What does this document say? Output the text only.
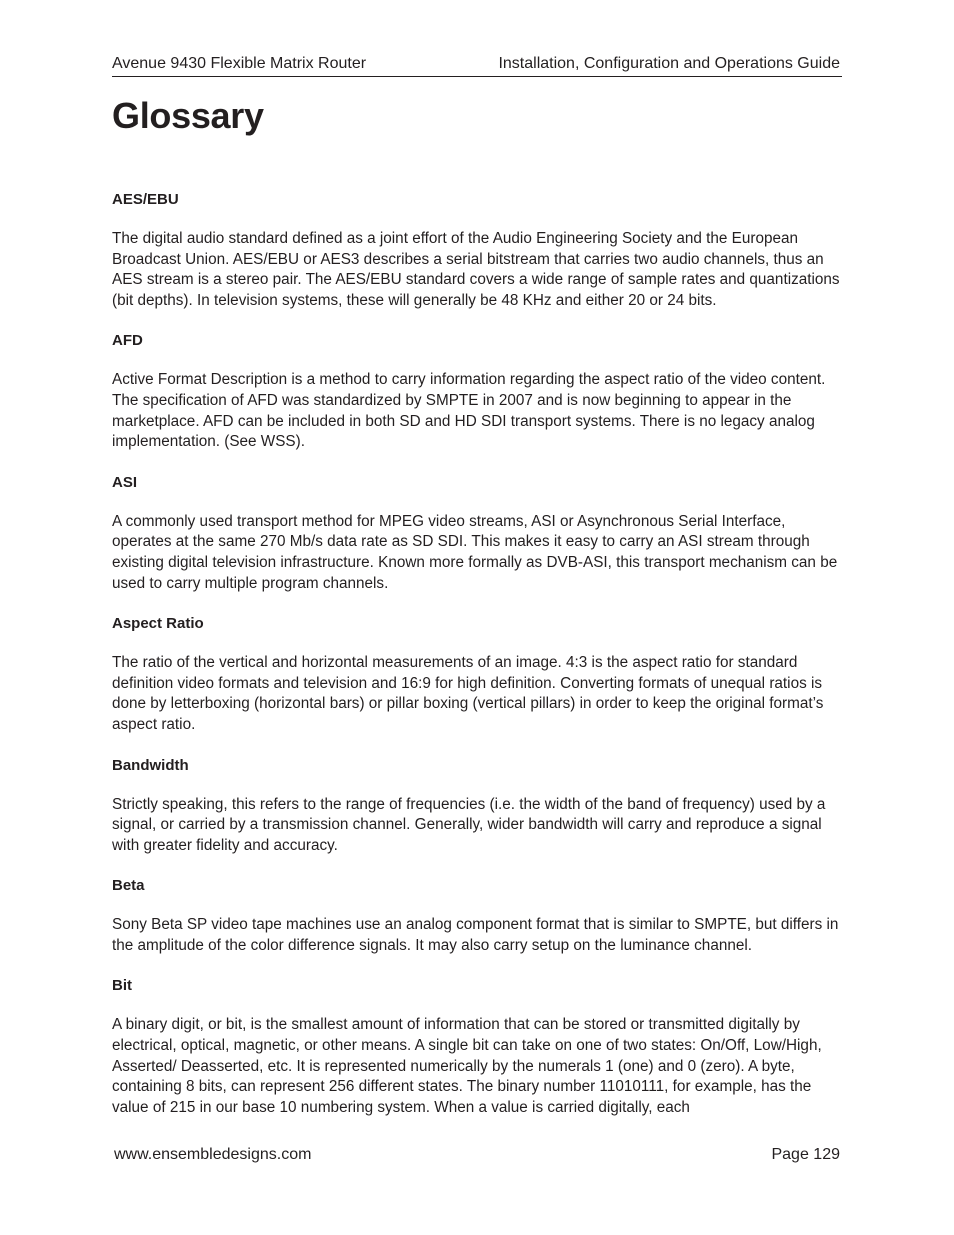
Avenue 9430 Flexible Matrix Router	Installation, Configuration and Operations Guide
Glossary

AES/EBU

The digital audio standard defined as a joint effort of the Audio Engineering Society and the European Broadcast Union. AES/EBU or AES3 describes a serial bitstream that carries two audio channels, thus an AES stream is a stereo pair. The AES/EBU standard covers a wide range of sample rates and quantizations (bit depths). In television systems, these will generally be 48 KHz and either 20 or 24 bits.

AFD

Active Format Description is a method to carry information regarding the aspect ratio of the video content. The specification of AFD was standardized by SMPTE in 2007 and is now beginning to appear in the marketplace. AFD can be included in both SD and HD SDI transport systems. There is no legacy analog implementation. (See WSS).

ASI

A commonly used transport method for MPEG video streams, ASI or Asynchronous Serial Interface, operates at the same 270 Mb/s data rate as SD SDI. This makes it easy to carry an ASI stream through existing digital television infrastructure. Known more formally as DVB-ASI, this transport mechanism can be used to carry multiple program channels.

Aspect Ratio

The ratio of the vertical and horizontal measurements of an image. 4:3 is the aspect ratio for standard definition video formats and television and 16:9 for high definition. Converting formats of unequal ratios is done by letterboxing (horizontal bars) or pillar boxing (vertical pillars) in order to keep the original format’s aspect ratio.

Bandwidth

Strictly speaking, this refers to the range of frequencies (i.e. the width of the band of frequency) used by a signal, or carried by a transmission channel. Generally, wider bandwidth will carry and reproduce a signal with greater fidelity and accuracy.

Beta

Sony Beta SP video tape machines use an analog component format that is similar to SMPTE, but differs in the amplitude of the color difference signals. It may also carry setup on the luminance channel.

Bit

A binary digit, or bit, is the smallest amount of information that can be stored or transmitted digitally by electrical, optical, magnetic, or other means. A single bit can take on one of two states: On/Off, Low/High, Asserted/ Deasserted, etc. It is represented numerically by the numerals 1 (one) and 0 (zero). A byte, containing 8 bits, can represent 256 different states. The binary number 11010111, for example, has the value of 215 in our base 10 numbering system. When a value is carried digitally, each

www.ensembledesigns.com	Page 129
